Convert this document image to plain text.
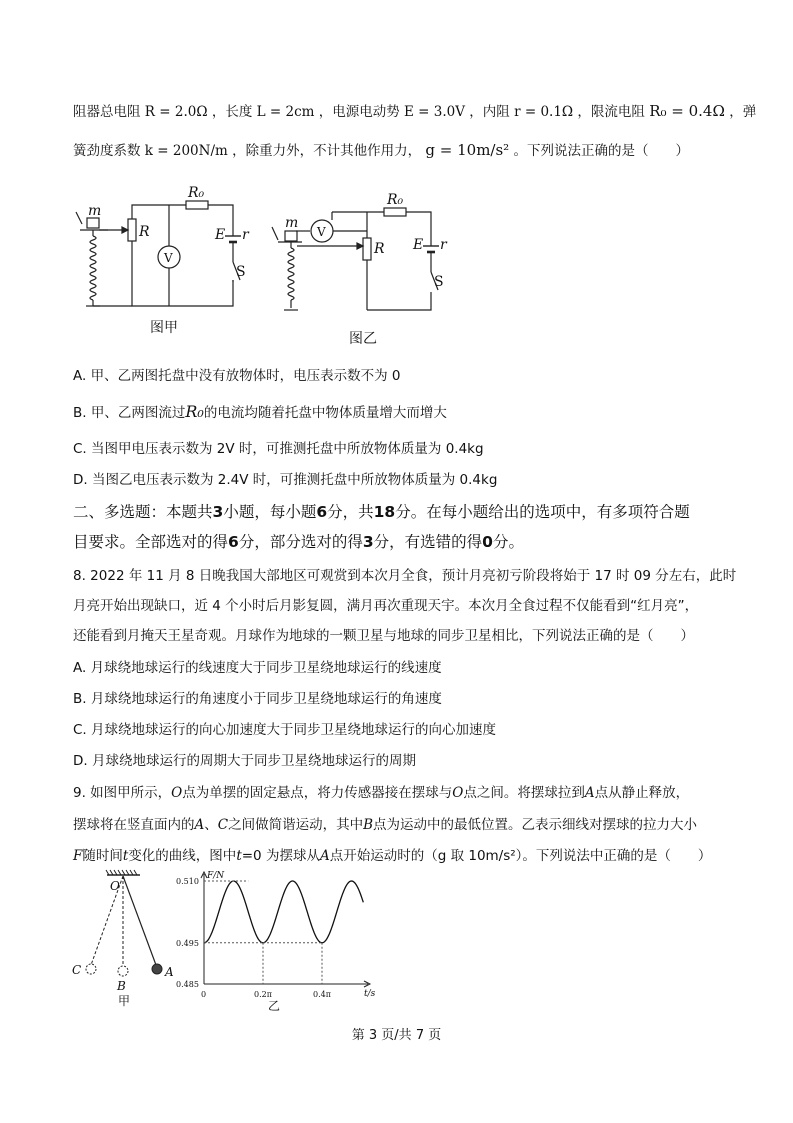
阻器总电阻 R = 2.0Ω ，长度 L = 2cm ，电源电动势 E = 3.0V ，内阻 r = 0.1Ω ，限流电阻 R₀ = 0.4Ω ，弹
簧劲度系数 k = 200N/m ，除重力外，不计其他作用力， g = 10m/s² 。下列说法正确的是（　　）
m
R
V
R₀
E r
S
图甲
m
R
V
R₀
E r
S
图乙
A. 甲、乙两图托盘中没有放物体时，电压表示数不为 0
B. 甲、乙两图流过R₀的电流均随着托盘中物体质量增大而增大
C. 当图甲电压表示数为 2V 时，可推测托盘中所放物体质量为 0.4kg
D. 当图乙电压表示数为 2.4V 时，可推测托盘中所放物体质量为 0.4kg
二、多选题：本题共3小题，每小题6分，共18分。在每小题给出的选项中，有多项符合题
目要求。全部选对的得6分，部分选对的得3分，有选错的得0分。
8. 2022 年 11 月 8 日晚我国大部地区可观赏到本次月全食，预计月亮初亏阶段将始于 17 时 09 分左右，此时
月亮开始出现缺口，近 4 个小时后月影复圆，满月再次重现天宇。本次月全食过程不仅能看到“红月亮”，
还能看到月掩天王星奇观。月球作为地球的一颗卫星与地球的同步卫星相比，下列说法正确的是（　　）
A. 月球绕地球运行的线速度大于同步卫星绕地球运行的线速度
B. 月球绕地球运行的角速度小于同步卫星绕地球运行的角速度
C. 月球绕地球运行的向心加速度大于同步卫星绕地球运行的向心加速度
D. 月球绕地球运行的周期大于同步卫星绕地球运行的周期
9. 如图甲所示，O点为单摆的固定悬点，将力传感器接在摆球与O点之间。将摆球拉到A点从静止释放，
摆球将在竖直面内的A、C之间做简谐运动，其中B点为运动中的最低位置。乙表示细线对摆球的拉力大小
F随时间t变化的曲线，图中t=0 为摆球从A点开始运动时的（g 取 10m/s²）。下列说法中正确的是（　　）
O
A
B
C
甲
0.510
0.495
0.485
0	0.2π	0.4π
F/N
t/s
乙
第 3 页/共 7 页
